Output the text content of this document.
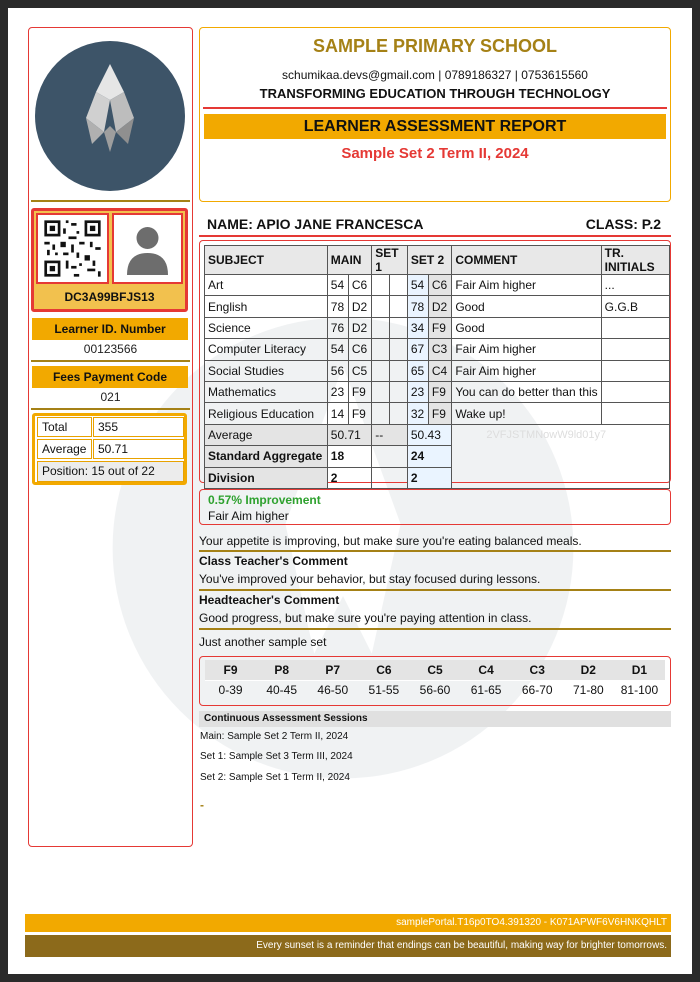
DC3A99BFJS13
Learner ID. Number
00123566
Fees Payment Code
021
Total	355
Average 50.71
Position: 15 out of 22
SAMPLE PRIMARY SCHOOL
schumikaa.devs@gmail.com | 0789186327 | 0753615560
TRANSFORMING EDUCATION THROUGH TECHNOLOGY
LEARNER ASSESSMENT REPORT
Sample Set 2 Term II, 2024
NAME: APIO JANE FRANCESCA	CLASS: P.2
SUBJECT	MAIN		SET 1		SET 2		COMMENT	TR. INITIALS
Art	54	C6			54	C6	Fair Aim higher	...
English	78	D2			78	D2	Good	G.G.B
Science	76	D2			34	F9	Good	
Computer Literacy	54	C6			67	C3	Fair Aim higher	
Social Studies	56	C5			65	C4	Fair Aim higher	
Mathematics	23	F9			23	F9	You can do better than this	
Religious Education	14	F9			32	F9	Wake up!	
Average	50.71		--		50.43		2VFJSTMNowW9ld01y7	

Standard Aggregate	18				24			
Division	2				2			
0.57% Improvement
Fair Aim higher
Your appetite is improving, but make sure you're eating balanced meals.
Class Teacher's Comment
You've improved your behavior, but stay focused during lessons.
Headteacher's Comment
Good progress, but make sure you're paying attention in class.
Just another sample set
F9	P8	P7	C6	C5	C4	C3	D2	D1
0-39	40-45	46-50	51-55	56-60	61-65	66-70	71-80	81-100
Continuous Assessment Sessions
Main: Sample Set 2 Term II, 2024
Set 1: Sample Set 3 Term III, 2024
Set 2: Sample Set 1 Term II, 2024
-
samplePortal.T16p0TO4.391320 - K071APWF6V6HNKQHLT
Every sunset is a reminder that endings can be beautiful, making way for brighter tomorrows.
